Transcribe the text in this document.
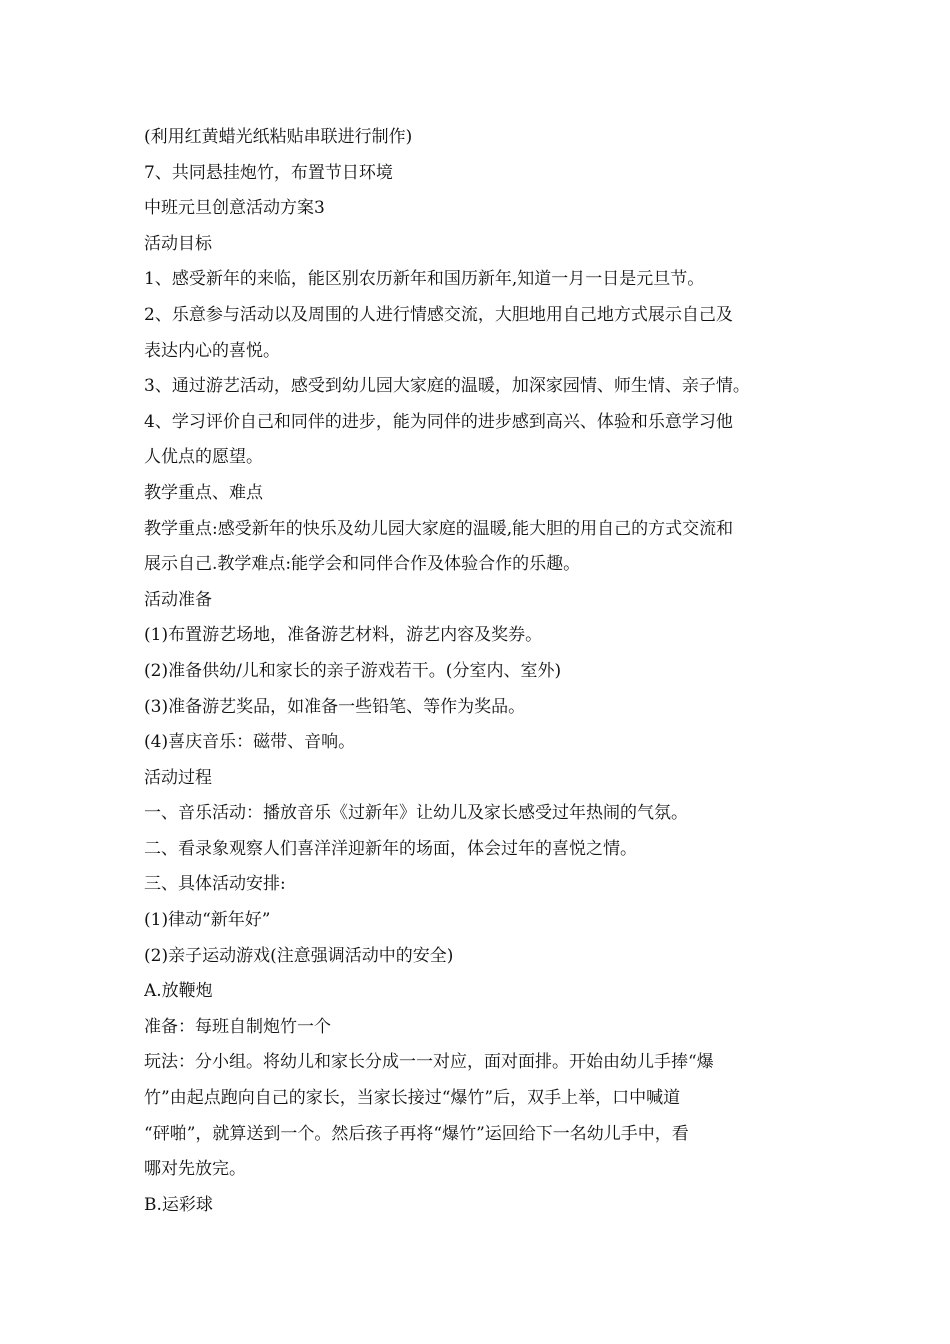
(利用红黄蜡光纸粘贴串联进行制作)
7、共同悬挂炮竹，布置节日环境
中班元旦创意活动方案3
活动目标
1、感受新年的来临，能区别农历新年和国历新年,知道一月一日是元旦节。
2、乐意参与活动以及周围的人进行情感交流，大胆地用自己地方式展示自己及
表达内心的喜悦。
3、通过游艺活动，感受到幼儿园大家庭的温暖，加深家园情、师生情、亲子情。
4、学习评价自己和同伴的进步，能为同伴的进步感到高兴、体验和乐意学习他
人优点的愿望。
教学重点、难点
教学重点:感受新年的快乐及幼儿园大家庭的温暖,能大胆的用自己的方式交流和
展示自己.教学难点:能学会和同伴合作及体验合作的乐趣。
活动准备
(1)布置游艺场地，准备游艺材料，游艺内容及奖券。
(2)准备供幼/儿和家长的亲子游戏若干。(分室内、室外)
(3)准备游艺奖品，如准备一些铅笔、等作为奖品。
(4)喜庆音乐：磁带、音响。
活动过程
一、音乐活动：播放音乐《过新年》让幼儿及家长感受过年热闹的气氛。
二、看录象观察人们喜洋洋迎新年的场面，体会过年的喜悦之情。
三、具体活动安排:
(1)律动“新年好”
(2)亲子运动游戏(注意强调活动中的安全)
A.放鞭炮
准备：每班自制炮竹一个
玩法：分小组。将幼儿和家长分成一一对应，面对面排。开始由幼儿手捧“爆
竹”由起点跑向自己的家长，当家长接过“爆竹”后，双手上举，口中喊道
“砰啪”，就算送到一个。然后孩子再将“爆竹”运回给下一名幼儿手中，看
哪对先放完。
B.运彩球
